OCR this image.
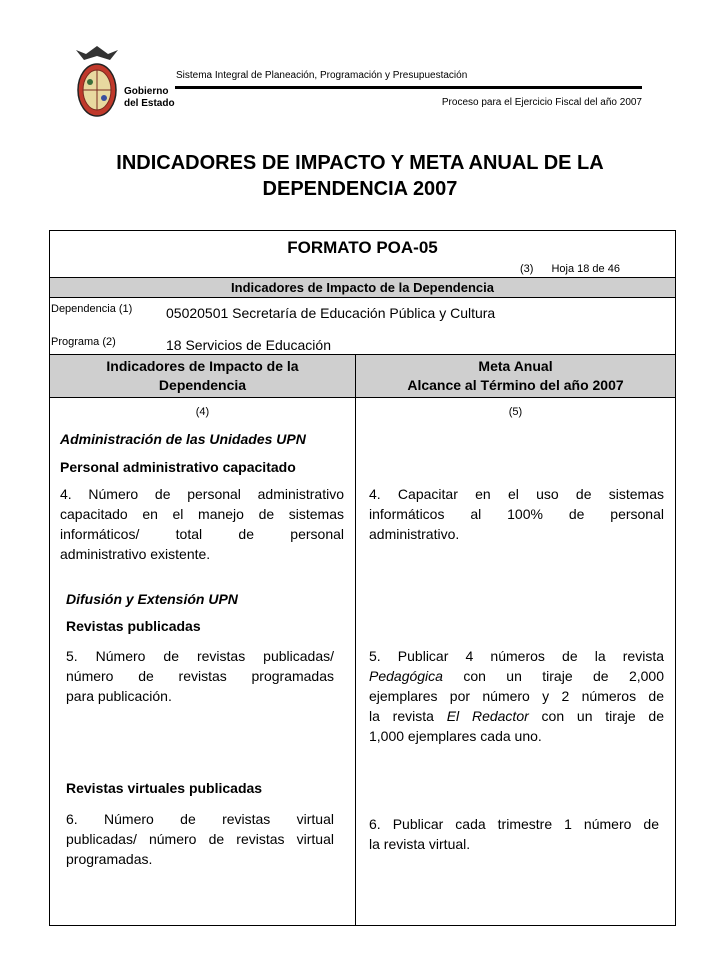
Gobierno
del Estado
Sistema Integral de Planeación, Programación y Presupuestación
Proceso para el Ejercicio Fiscal del año 2007
INDICADORES DE IMPACTO Y META ANUAL DE LA
DEPENDENCIA 2007
FORMATO POA-05
(3) Hoja 18 de 46
Indicadores de Impacto de la Dependencia
Dependencia (1) 05020501 Secretaría de Educación Pública y Cultura
Programa (2)	18 Servicios de Educación
Indicadores de Impacto de la
Dependencia
Meta Anual
Alcance al Término del año 2007
(4)	(5)
Administración de las Unidades UPN
Personal administrativo capacitado
4. Número de personal administrativo
capacitado en el manejo de sistemas
informáticos/ total de personal
administrativo existente.
4. Capacitar en el uso de sistemas
informáticos al 100% de personal
administrativo.
Difusión y Extensión UPN
Revistas publicadas
5. Número de revistas publicadas/
número de revistas programadas
para publicación.
5. Publicar 4 números de la revista
Pedagógica con un tiraje de 2,000
ejemplares por número y 2 números de
la revista El Redactor con un tiraje de
1,000 ejemplares cada uno.
Revistas virtuales publicadas
6. Número de revistas virtual
publicadas/ número de revistas virtual
programadas.
6. Publicar cada trimestre 1 número de
la revista virtual.
